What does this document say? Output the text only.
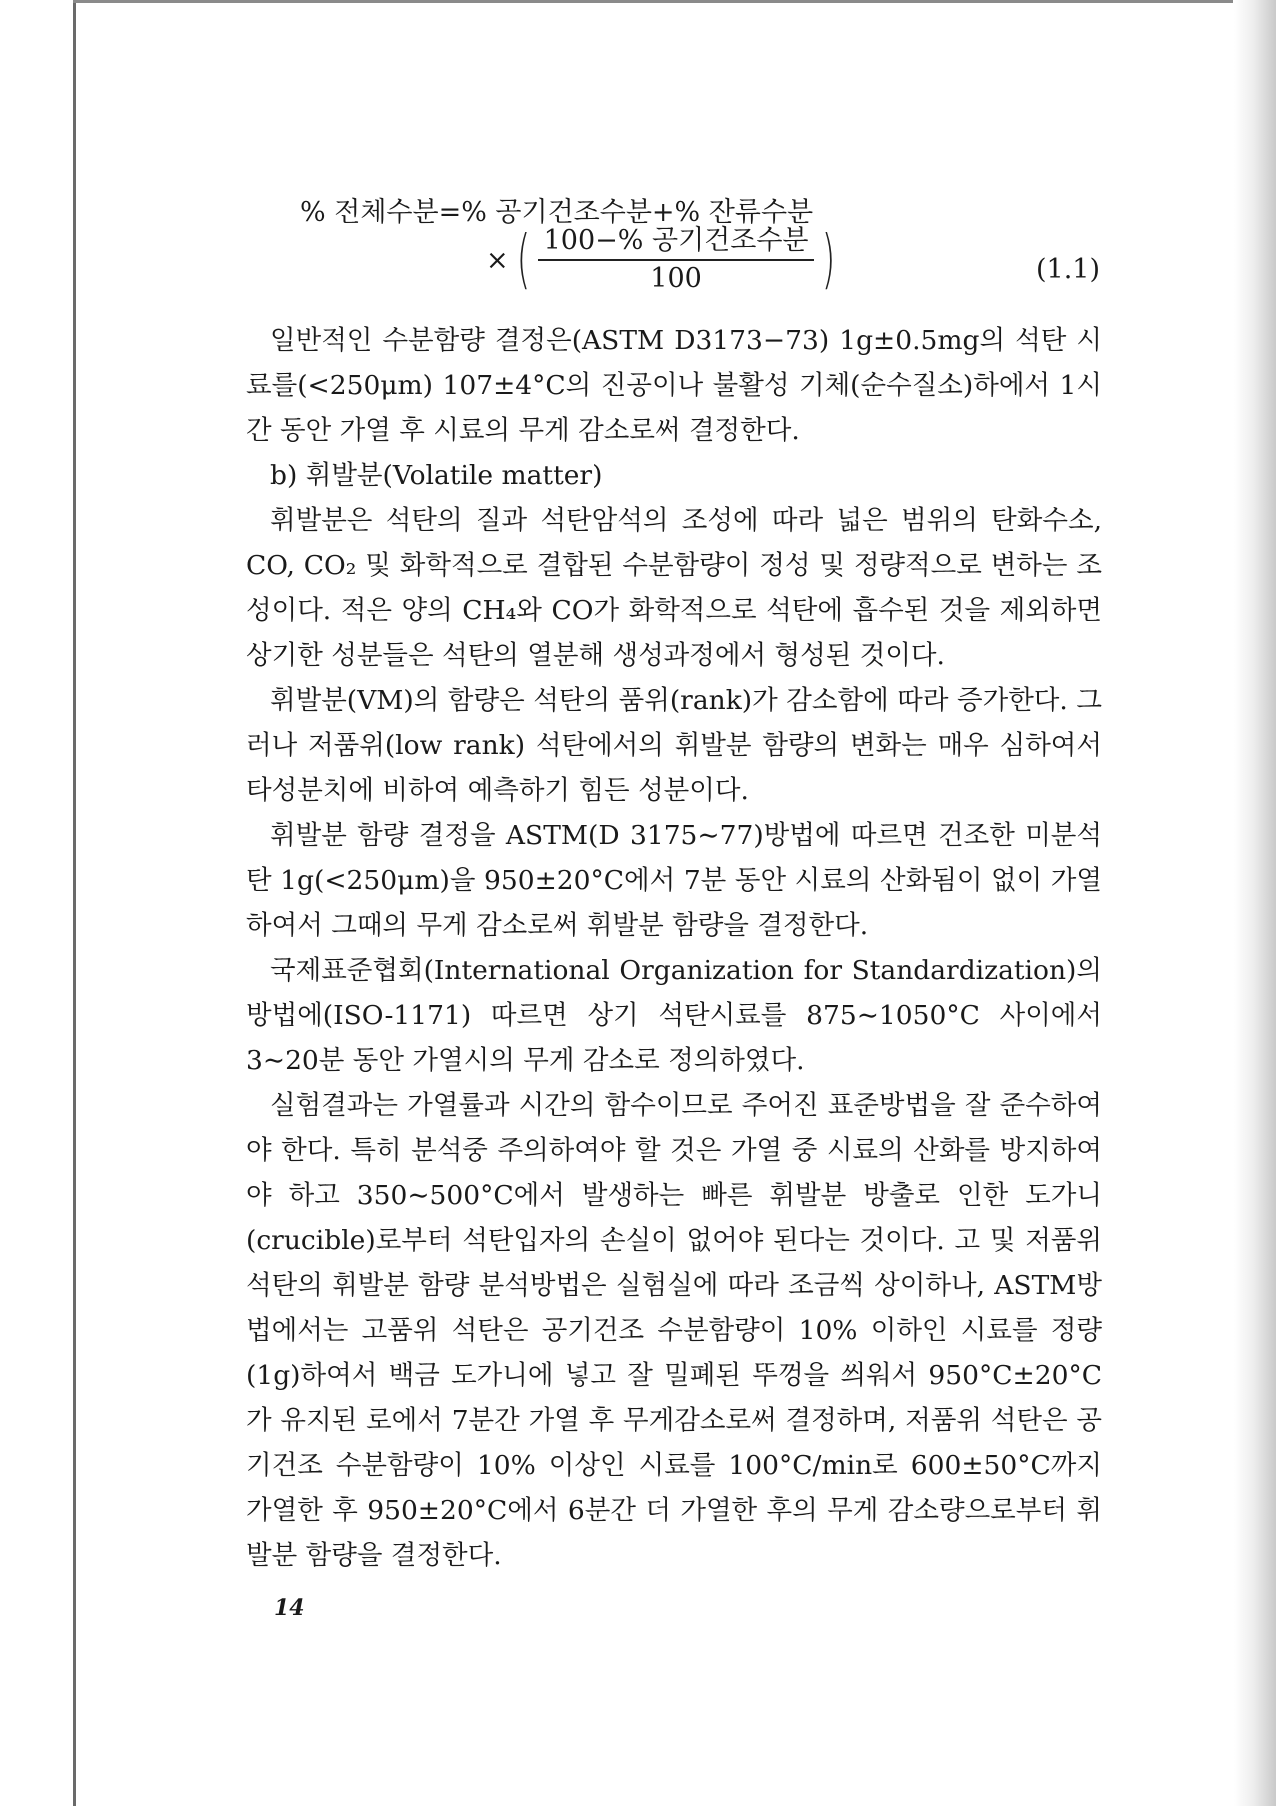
% 전체수분=% 공기건조수분+% 잔류수분
× ( $\frac{\text{100−\% 공기건조수분}}{100}$ )	(1.1)

일반적인 수분함량 결정은(ASTM D3173−73) 1g±0.5mg의 석탄 시료를(<250μm) 107±4°C의 진공이나 불활성 기체(순수질소)하에서 1시간 동안 가열 후 시료의 무게 감소로써 결정한다.

b) 휘발분(Volatile matter)

휘발분은 석탄의 질과 석탄암석의 조성에 따라 넓은 범위의 탄화수소, CO, CO₂ 및 화학적으로 결합된 수분함량이 정성 및 정량적으로 변하는 조성이다. 적은 양의 CH₄와 CO가 화학적으로 석탄에 흡수된 것을 제외하면 상기한 성분들은 석탄의 열분해 생성과정에서 형성된 것이다.

휘발분(VM)의 함량은 석탄의 품위(rank)가 감소함에 따라 증가한다. 그러나 저품위(low rank) 석탄에서의 휘발분 함량의 변화는 매우 심하여서 타성분치에 비하여 예측하기 힘든 성분이다.

휘발분 함량 결정을 ASTM(D 3175∼77)방법에 따르면 건조한 미분석탄 1g(<250μm)을 950±20°C에서 7분 동안 시료의 산화됨이 없이 가열하여서 그때의 무게 감소로써 휘발분 함량을 결정한다.

국제표준협회(International Organization for Standardization)의 방법에(ISO-1171) 따르면 상기 석탄시료를 875∼1050°C 사이에서 3∼20분 동안 가열시의 무게 감소로 정의하였다.

실험결과는 가열률과 시간의 함수이므로 주어진 표준방법을 잘 준수하여야 한다. 특히 분석중 주의하여야 할 것은 가열 중 시료의 산화를 방지하여야 하고 350∼500°C에서 발생하는 빠른 휘발분 방출로 인한 도가니(crucible)로부터 석탄입자의 손실이 없어야 된다는 것이다. 고 및 저품위 석탄의 휘발분 함량 분석방법은 실험실에 따라 조금씩 상이하나, ASTM방법에서는 고품위 석탄은 공기건조 수분함량이 10% 이하인 시료를 정량(1g)하여서 백금 도가니에 넣고 잘 밀폐된 뚜껑을 씌워서 950°C±20°C가 유지된 로에서 7분간 가열 후 무게감소로써 결정하며, 저품위 석탄은 공기건조 수분함량이 10% 이상인 시료를 100°C/min로 600±50°C까지 가열한 후 950±20°C에서 6분간 더 가열한 후의 무게 감소량으로부터 휘발분 함량을 결정한다.

14
